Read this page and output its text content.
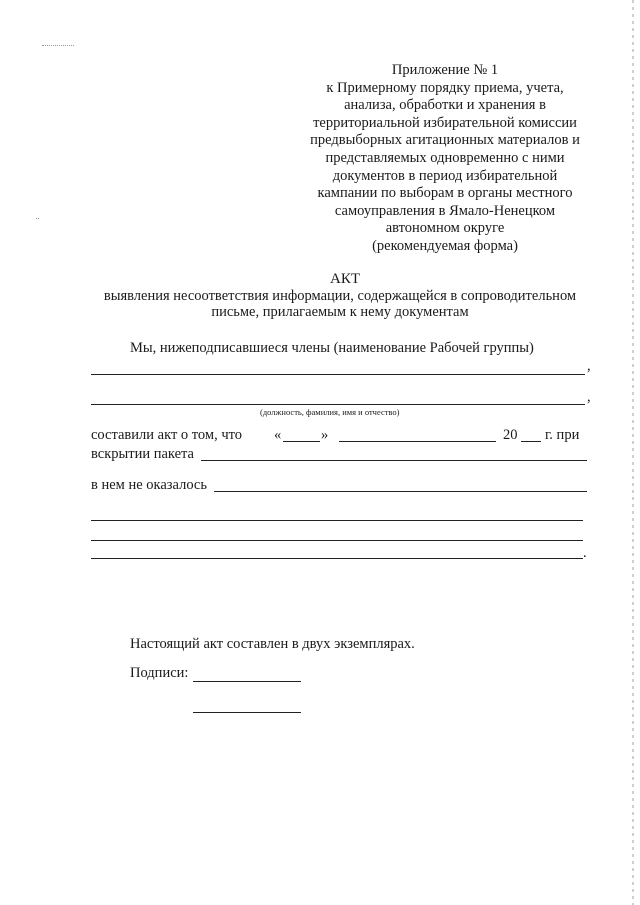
Приложение № 1
к Примерному порядку приема, учета,
анализа, обработки и хранения в
территориальной избирательной комиссии
предвыборных агитационных материалов и
представляемых одновременно с ними
документов в период избирательной
кампании по выборам в органы местного
самоуправления в Ямало-Ненецком
автономном округе
(рекомендуемая форма)
АКТ
выявления несоответствия информации, содержащейся в сопроводительном
письме, прилагаемым к нему документам
Мы, нижеподписавшиеся члены (наименование Рабочей группы)
,
,
(должность, фамилия, имя и отчество)
составили акт о том, что «	»	20 г. при
вскрытии пакета
в нем не оказалось
.
Настоящий акт составлен в двух экземплярах.
Подписи:
